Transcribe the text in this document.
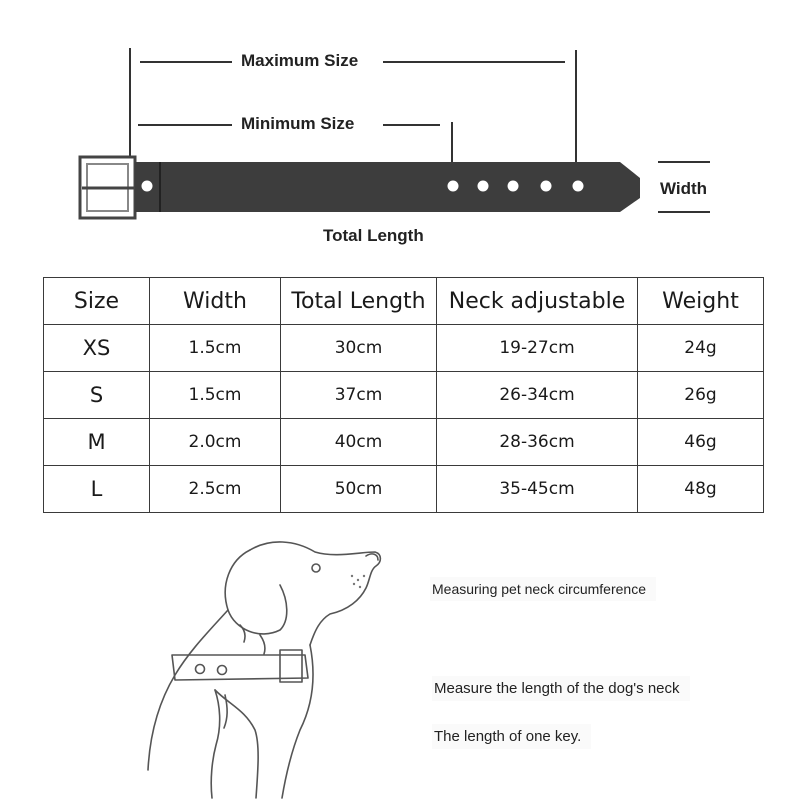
Maximum Size
Minimum Size
Total Length
Width
Size	Width	Total Length	Neck adjustable	Weight
XS	1.5cm	30cm	19-27cm	24g
S	1.5cm	37cm	26-34cm	26g
M	2.0cm	40cm	28-36cm	46g
L	2.5cm	50cm	35-45cm	48g
Measuring pet neck circumference
Measure the length of the dog's neck
The length of one key.
